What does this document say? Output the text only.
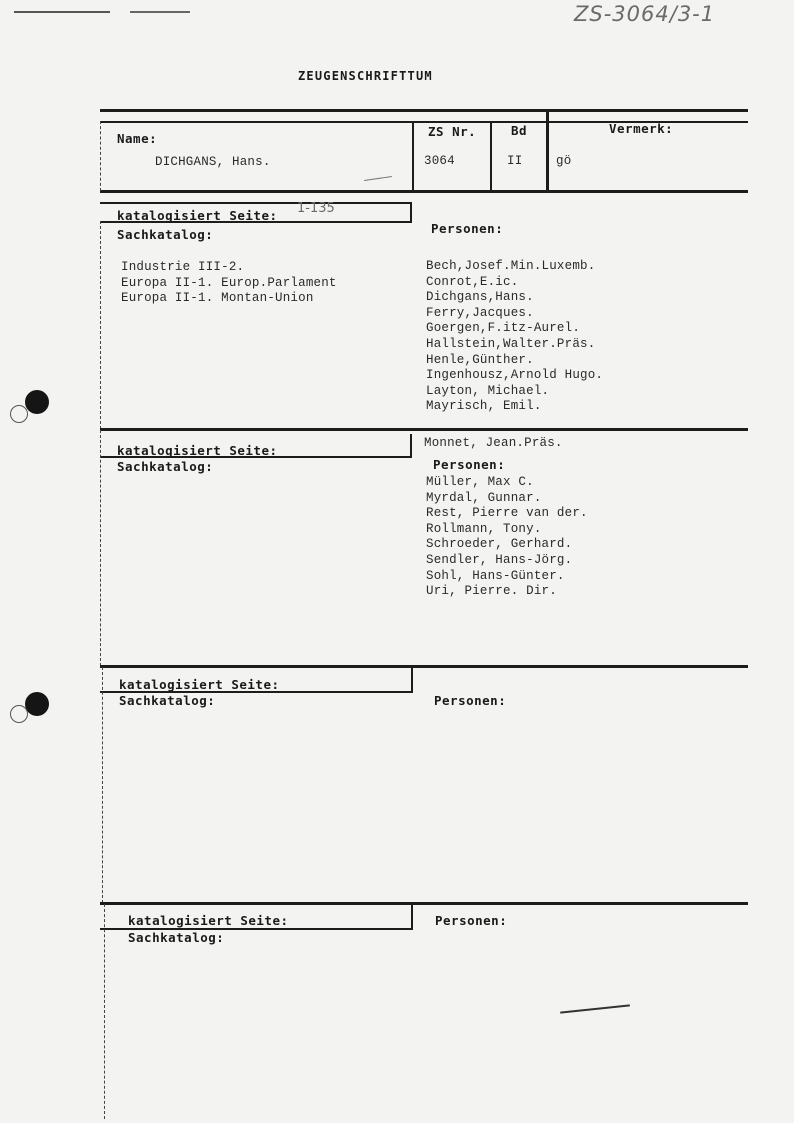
ZS-3064/3-1
ZEUGENSCHRIFTTUM
Name:
DICHGANS, Hans.
ZS Nr.
3064
Bd
II
Vermerk:
gö
katalogisiert Seite: 1-135
Sachkatalog:	Personen:
Industrie III-2.
Europa II-1. Europ.Parlament
Europa II-1. Montan-Union
Bech,Josef.Min.Luxemb.
Conrot,E.ic.
Dichgans,Hans.
Ferry,Jacques.
Goergen,F.itz-Aurel.
Hallstein,Walter.Präs.
Henle,Günther.
Ingenhousz,Arnold Hugo.
Layton, Michael.
Mayrisch, Emil.
katalogisiert Seite:
Sachkatalog:
Monnet, Jean.Präs.
Personen:
Müller, Max C.
Myrdal, Gunnar.
Rest, Pierre van der.
Rollmann, Tony.
Schroeder, Gerhard.
Sendler, Hans-Jörg.
Sohl, Hans-Günter.
Uri, Pierre. Dir.
katalogisiert Seite:
Sachkatalog:	Personen:
katalogisiert Seite:
Sachkatalog:
Personen:
